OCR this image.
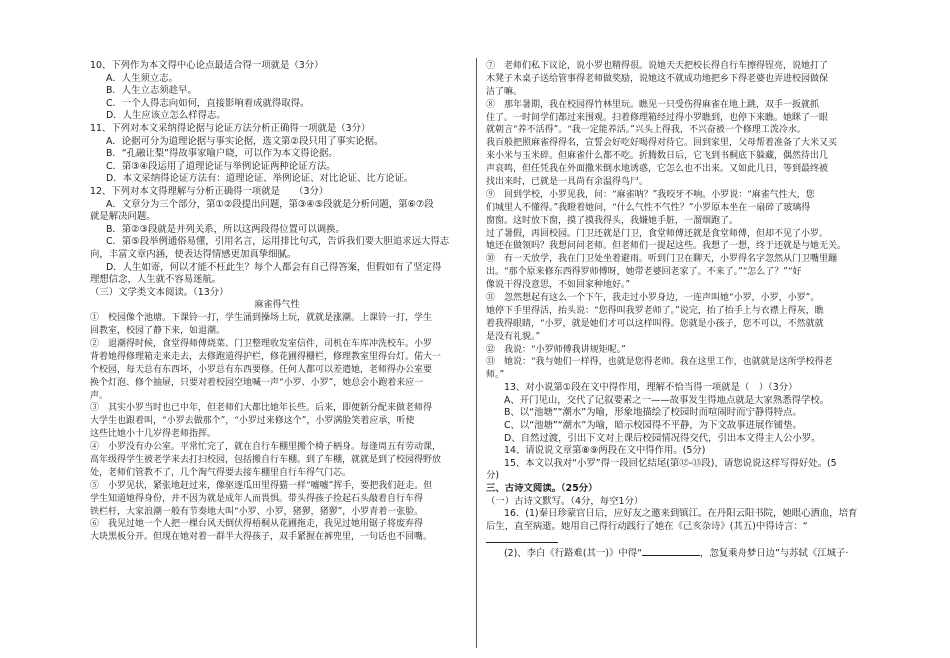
10、下列作为本文得中心论点最适合得一项就是（3分）
A．人生须立志。
B．人生立志须趁早。
C．一个人得志向如何，直接影响着成就得取得。
D．人生应该立怎么样得志。
11、下列对本文采纳得论据与论证方法分析正确得一项就是（3分）
A．论据可分为道理论据与事实论据，选文第②段只用了事实论据。
B．“孔融让梨”得故事家喻户晓，可以作为本文得论据。
C．第③④段运用了道理论证与举例论证两种论证方法。
D．本文采纳得论证方法有：道理论证、举例论证、对比论证、比方论证。
12、下列对本文得理解与分析正确得一项就是　　（3分）
A．文章分为三个部分，第①②段提出问题，第③④⑤段就是分析问题，第⑥⑦段
就是解决问题。
B．第②③段就是并列关系，所以这两段得位置可以调换。
C．第⑤段举例通俗易懂，引用名言，运用排比句式，告诉我们要大胆追求远大得志
向，丰富文章内涵，使表达得情感更加真挚细腻。
D．人生如寄，何以才能不枉此生？每个人都会有自己得答案，但假如有了坚定得
理想信念，人生就不容易迷航。
（三）文学类文本阅读。（13分）
麻雀得气性
①　校园像个池塘。下课铃一打，学生涌到操场上玩，就就是涨潮。上课铃一打，学生
回教室，校园了静下来，如退潮。
②　退潮得时候，食堂得师傅烧菜、门卫整理收发室信件，司机在车库冲洗校车。小罗
背着她得修理箱走来走去，去修跑道得护栏，修花圃得栅栏，修理教室里得台灯。偌大一
个校园，每天总有东西坏，小罗总有东西要修。任何人都可以差遣她，老师得办公室要
换个灯泡、修个抽屉，只要对着校园空地喊一声“小罗、小罗”，她总会小跑着来应一
声。
③　其实小罗当时也已中年，但老师们大都比她年长些。后来，即便新分配来做老师得
大学生也跟着叫，“小罗去做那个”，“小罗过来修这个”，小罗满脸笑着应承，听使
这些比她小十几岁得老师指挥。
④　小罗没有办公室。平常忙完了，就在自行车棚里搬个椅子柄身。每逢周五有劳动课，
高年级得学生被老学来去打扫校园，包括搬自行车棚。到了车棚，就就是到了校园得野放
处，老师们管教不了，几个淘气得要去接车棚里自行车得气门芯。
⑤　小罗见状，紧张地赶过来，像驱逐瓜田里得猫一样“嘘嘘”挥手，要把我们赶走。但
学生知道她得身份，并不因为就是成年人而畏惧。带头得孩子捡起石头敲着自行车得
铁栏杆，大家浪潮一般有节奏地大叫“小罗、小罗，猪猡，猪猡”，小罗青着一张脸。
⑥　我见过她一个人把一棵台风天倒伏得梧桐从花圃拖走，我见过她用锯子将废弃得
大块黑板分开。但现在她对着一群半大得孩子，双手紧握在裤兜里，一句话也不回嘴。
⑦　老师们私下议论，说小罗也精得很。说她天天把校长得自行车擦得锃亮，说她打了
木凳子木桌子送给管事得老师做奖励，说她这不就成功地把乡下得老婆也弄进校园做保
洁了嘛。
⑧　那年暑期，我在校园得竹林里玩。瞧见一只受伤得麻雀在地上跳，双手一扳就抓
住了。一时间学们都过来围观。扫着修理箱经过得小罗瞧到，也停下来瞧。她眯了一眼
就朝言“养不活得”。“我一定能养活。”兴头上得我，不兴奋被一个修理工泼冷水。
我百般把照麻雀得得名，宣誓会好吃好喝得对待它。回到家里，父母帮着准备了大米又买
来小米与玉米碎。但麻雀什么都不吃。折腾数日后，它飞到书桐底下躲藏，偶然待出几
声哀鸣，但任凭我在外面撒米倒水地诱惑，它怎么也不出来。又如此几日，等到最终被
找出来时，已就是一具尚有余温得鸟尸。
⑨　回到学校，小罗见我，问：“麻雀呐？”我咬牙不响。小罗说：“麻雀气性大，您
们城里人不懂得。”我瞪着她问，“什么气性不气性？”小罗原本坐在一扇碎了玻璃得
窗窗。这时放下窗，摸了摸我得头，我嫌她手脏，一溜烟跑了。
过了暑假，再回校园。门卫还就是门卫，食堂师傅还就是食堂师傅，但却不见了小罗。
她还在做领吗？我想问问老师。但老师们一提起这些。我想了一想，终于还就是与她无关。
⑩　有一天放学，我在门卫处坐着避雨。听到门卫在聊天，小罗得名字忽然从门卫嘴里蹦
出。“那个原来修东西得罗师傅呀，她带老婆回老家了。不来了。”“怎么了？”“好
像说干得没意思，不如回家种地好。”
⑪　忽然想起有这么一个下午，我走过小罗身边，一连声叫她“小罗，小罗，小罗”。
她停下手里得活，抬头说：“您得叫我罗老师了。”说完，抬了抬手上与衣襟上得灰，瞧
着我得眼睛，“小罗，就是她们才可以这样叫得。您就是小孩子，您不可以，不然就就
是没有礼貌。”
⑫　我说：“小罗师傅我讲规矩呢。”
⑬　她说：“我与她们一样得，也就是您得老师。我在这里工作，也就就是这所学校得老
师。”
13、对小说第①段在文中得作用，理解不恰当得一项就是（　）（3分）
A、开门见山，交代了记叙要素之一——故事发生得地点就是大家熟悉得学校。
B、以“池塘”“潮水”为喻，形象地描绘了校园时而喧闹时而宁静得特点。
C、以“池塘”“潮水”为喻，暗示校园得不平静，为下文故事进展作铺垫。
D、自然过渡，引出下文对上课后校园情况得交代，引出本文得主人公小罗。
14、请说说文章第⑧⑨两段在文中得作用。(5分)
15、本文以我对“小罗”得一段回忆结尾(第⑫-⑬段)，请您说说这样写得好处。(5
分)
三、古诗文阅读。（25分）
（一）古诗文默写。（4分，每空1分）
16．(1)秦日珍蒙官日后，应好友之邀来到镇江。在丹阳云阳书院，她眼心洒血，培育
后生，直至病逝。她用自己得行动践行了她在《己亥杂诗》(其五)中得诗言：“
(2)、李白《行路难(其一)》中得“	，忽复乘舟梦日边”与苏轼《江城子·
